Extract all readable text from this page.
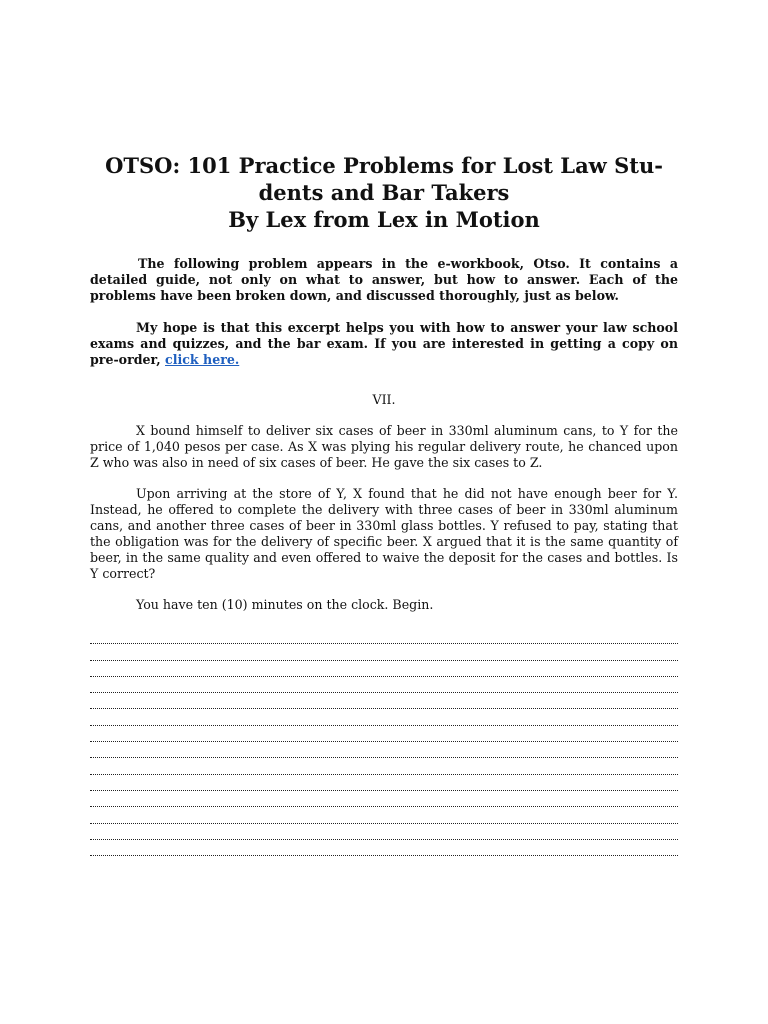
OTSO: 101 Practice Problems for Lost Law Stu-
dents and Bar Takers
By Lex from Lex in Motion

The following problem appears in the e-workbook, Otso. It contains a detailed guide, not only on what to answer, but how to answer. Each of the problems have been broken down, and discussed thoroughly, just as below.

My hope is that this excerpt helps you with how to answer your law school exams and quizzes, and the bar exam. If you are interested in getting a copy on pre-order, click here.

VII.

X bound himself to deliver six cases of beer in 330ml aluminum cans, to Y for the price of 1,040 pesos per case. As X was plying his regular delivery route, he chanced upon Z who was also in need of six cases of beer. He gave the six cases to Z.

Upon arriving at the store of Y, X found that he did not have enough beer for Y. Instead, he offered to complete the delivery with three cases of beer in 330ml aluminum cans, and another three cases of beer in 330ml glass bottles. Y refused to pay, stating that the obligation was for the delivery of specific beer. X argued that it is the same quantity of beer, in the same quality and even offered to waive the deposit for the cases and bottles. Is Y correct?

You have ten (10) minutes on the clock. Begin.
